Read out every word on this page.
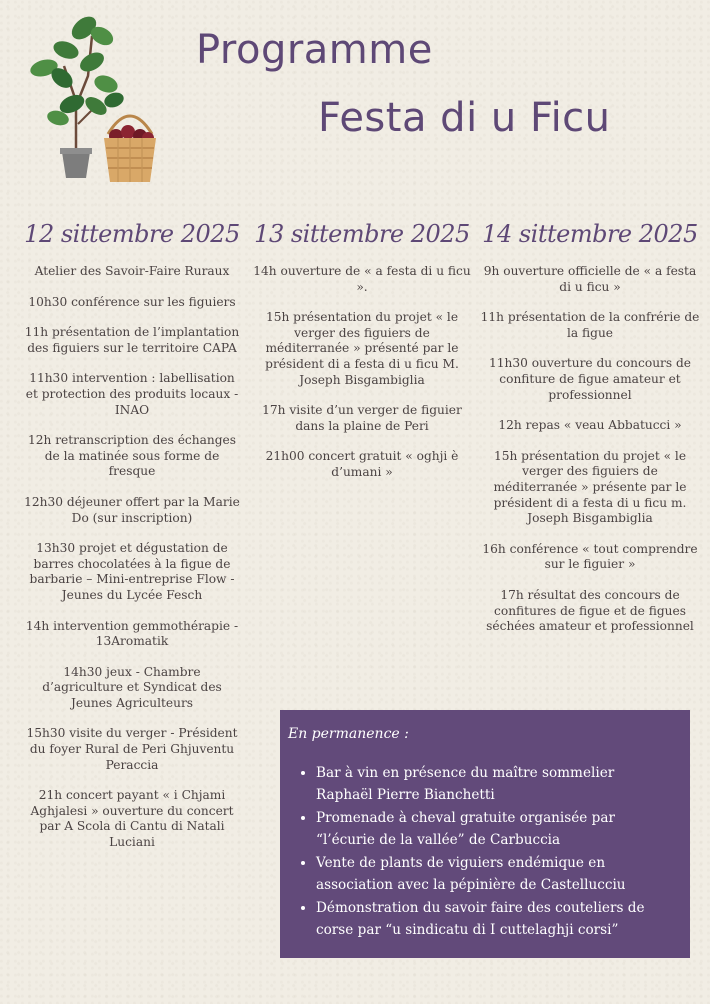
Programme
Festa di u Ficu
12 sittembre 2025

Atelier des Savoir-Faire Ruraux

10h30 conférence sur les figuiers

11h présentation de l’implantation des figuiers sur le territoire CAPA

11h30 intervention : labellisation et protection des produits locaux - INAO

12h retranscription des échanges de la matinée sous forme de fresque

12h30 déjeuner offert par la Marie Do (sur inscription)

13h30 projet et dégustation de barres chocolatées à la figue de barbarie – Mini-entreprise Flow - Jeunes du Lycée Fesch

14h intervention gemmothérapie - 13Aromatik

14h30 jeux - Chambre d’agriculture et Syndicat des Jeunes Agriculteurs

15h30 visite du verger - Président du foyer Rural de Peri Ghjuventu Peraccia

21h concert payant « i Chjami Aghjalesi » ouverture du concert par A Scola di Cantu di Natali Luciani

13 sittembre 2025

14h ouverture de « a festa di u ficu ».

15h présentation du projet « le verger des figuiers de méditerranée » présenté par le président di a festa di u ficu M. Joseph Bisgambiglia

17h visite d’un verger de figuier dans la plaine de Peri

21h00 concert gratuit « oghji è d’umani »

14 sittembre 2025

9h ouverture officielle de « a festa di u ficu »

11h présentation de la confrérie de la figue

11h30 ouverture du concours de confiture de figue amateur et professionnel

12h repas « veau Abbatucci »

15h présentation du projet « le verger des figuiers de méditerranée » présente par le président di a festa di u ficu m. Joseph Bisgambiglia

16h conférence « tout comprendre sur le figuier »

17h résultat des concours de confitures de figue et de figues séchées amateur et professionnel

En permanence :

• Bar à vin en présence du maître sommelier Raphaël Pierre Bianchetti
• Promenade à cheval gratuite organisée par “l’écurie de la vallée” de Carbuccia
• Vente de plants de viguiers endémique en association avec la pépinière de Castellucciu
• Démonstration du savoir faire des couteliers de corse par “u sindicatu di I cuttelaghji corsi”
